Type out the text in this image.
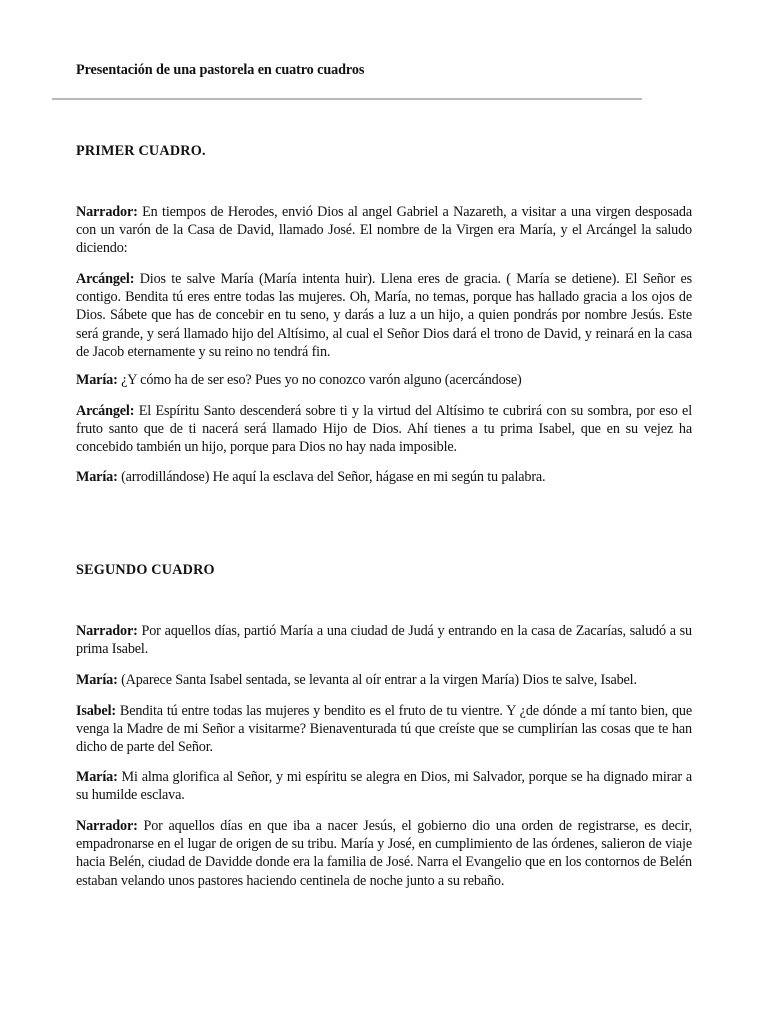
Presentación de una pastorela en cuatro cuadros
PRIMER CUADRO.

Narrador: En tiempos de Herodes, envió Dios al angel Gabriel a Nazareth, a visitar a una virgen desposada con un varón de la Casa de David, llamado José. El nombre de la Virgen era María, y el Arcángel la saludo diciendo:

Arcángel: Dios te salve María (María intenta huir). Llena eres de gracia. ( María se detiene). El Señor es contigo. Bendita tú eres entre todas las mujeres. Oh, María, no temas, porque has hallado gracia a los ojos de Dios. Sábete que has de concebir en tu seno, y darás a luz a un hijo, a quien pondrás por nombre Jesús. Este será grande, y será llamado hijo del Altísimo, al cual el Señor Dios dará el trono de David, y reinará en la casa de Jacob eternamente y su reino no tendrá fin.

María: ¿Y cómo ha de ser eso? Pues yo no conozco varón alguno (acercándose)

Arcángel: El Espíritu Santo descenderá sobre ti y la virtud del Altísimo te cubrirá con su sombra, por eso el fruto santo que de ti nacerá será llamado Hijo de Dios. Ahí tienes a tu prima Isabel, que en su vejez ha concebido también un hijo, porque para Dios no hay nada imposible.

María: (arrodillándose) He aquí la esclava del Señor, hágase en mi según tu palabra.

SEGUNDO CUADRO

Narrador: Por aquellos días, partió María a una ciudad de Judá y entrando en la casa de Zacarías, saludó a su prima Isabel.

María: (Aparece Santa Isabel sentada, se levanta al oír entrar a la virgen María) Dios te salve, Isabel.

Isabel: Bendita tú entre todas las mujeres y bendito es el fruto de tu vientre. Y ¿de dónde a mí tanto bien, que venga la Madre de mi Señor a visitarme? Bienaventurada tú que creíste que se cumplirían las cosas que te han dicho de parte del Señor.

María: Mi alma glorifica al Señor, y mi espíritu se alegra en Dios, mi Salvador, porque se ha dignado mirar a su humilde esclava.

Narrador: Por aquellos días en que iba a nacer Jesús, el gobierno dio una orden de registrarse, es decir, empadronarse en el lugar de origen de su tribu. María y José, en cumplimiento de las órdenes, salieron de viaje hacia Belén, ciudad de Davidde donde era la familia de José. Narra el Evangelio que en los contornos de Belén estaban velando unos pastores haciendo centinela de noche junto a su rebaño.
